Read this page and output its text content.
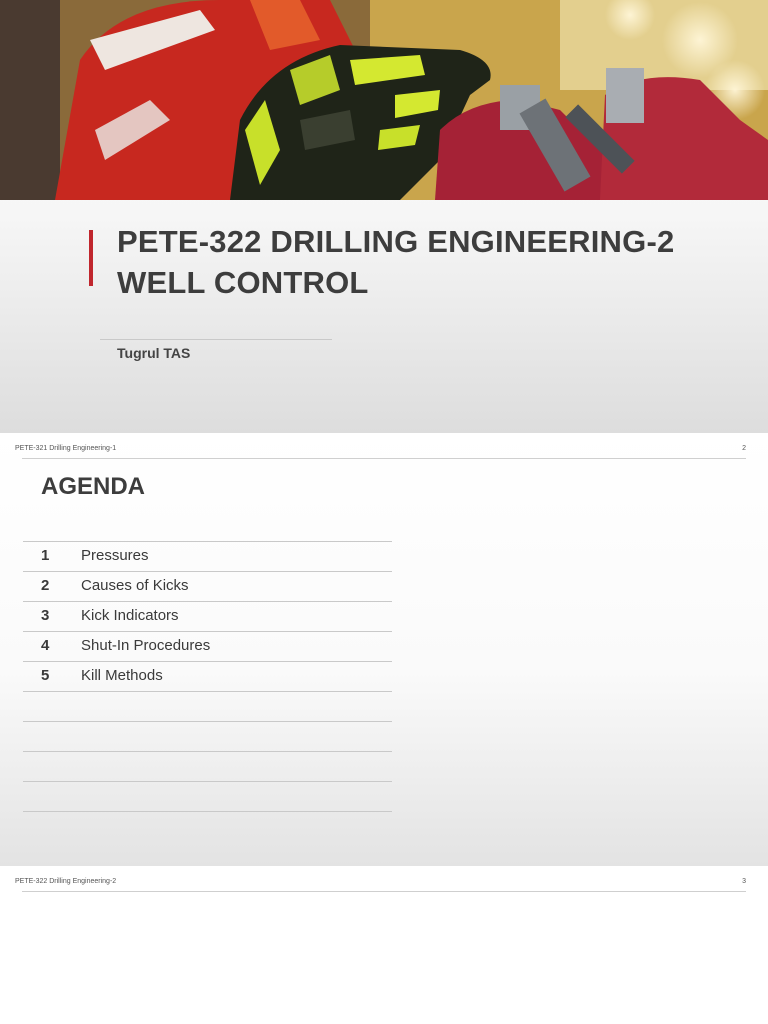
PETE-322 DRILLING ENGINEERING-2
WELL CONTROL
Tugrul TAS
PETE-321 Drilling Engineering-1	2
AGENDA
1 Pressures
2 Causes of Kicks
3 Kick Indicators
4 Shut-In Procedures
5 Kill Methods
PETE-322 Drilling Engineering-2	3
